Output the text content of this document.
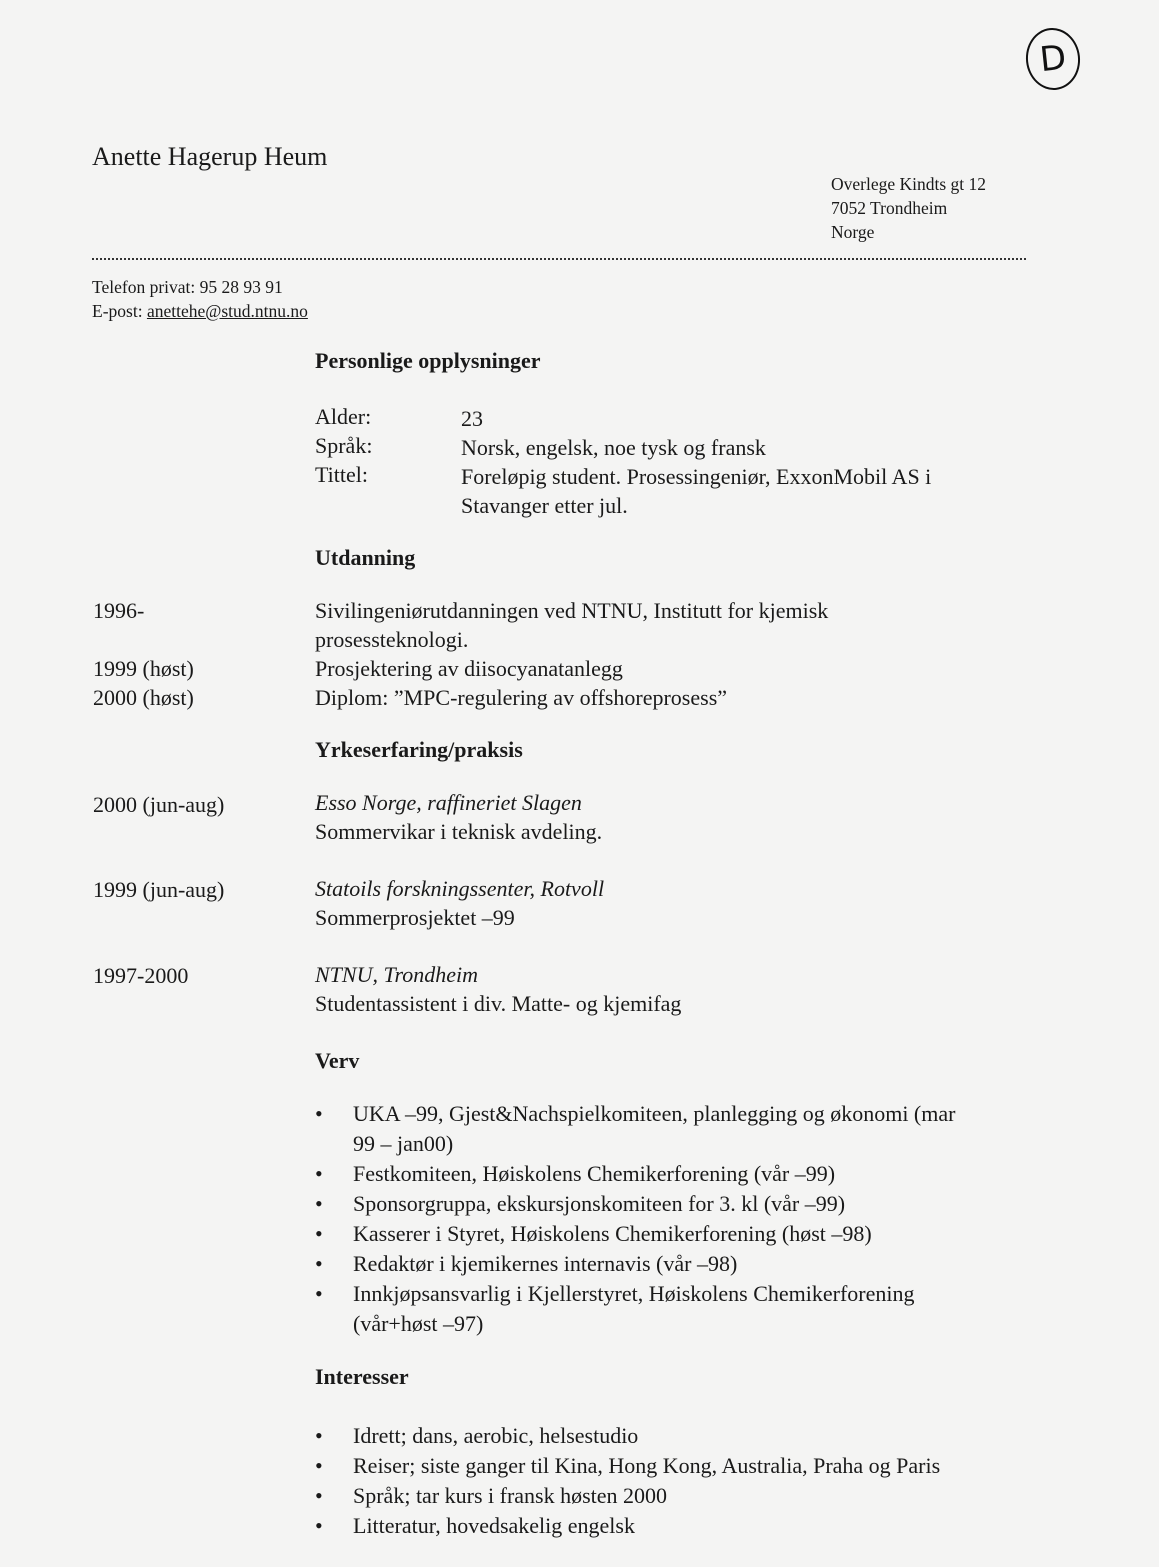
D
Anette Hagerup Heum
Overlege Kindts gt 12
7052 Trondheim
Norge
Telefon privat: 95 28 93 91
E-post: anettehe@stud.ntnu.no
Personlige opplysninger
Alder:	23
Språk:	Norsk, engelsk, noe tysk og fransk
Tittel:	Foreløpig student. Prosessingeniør, ExxonMobil AS i
Stavanger etter jul.
Utdanning
1996-	Sivilingeniørutdanningen ved NTNU, Institutt for kjemisk
prosessteknologi.
1999 (høst)	Prosjektering av diisocyanatanlegg
2000 (høst)	Diplom: ”MPC-regulering av offshoreprosess”
Yrkeserfaring/praksis
2000 (jun-aug)	Esso Norge, raffineriet Slagen
Sommervikar i teknisk avdeling.
1999 (jun-aug)	Statoils forskningssenter, Rotvoll
Sommerprosjektet –99
1997-2000	NTNU, Trondheim
Studentassistent i div. Matte- og kjemifag
Verv
• UKA –99, Gjest&Nachspielkomiteen, planlegging og økonomi (mar
99 – jan00)
• Festkomiteen, Høiskolens Chemikerforening (vår –99)
• Sponsorgruppa, ekskursjonskomiteen for 3. kl (vår –99)
• Kasserer i Styret, Høiskolens Chemikerforening (høst –98)
• Redaktør i kjemikernes internavis (vår –98)
• Innkjøpsansvarlig i Kjellerstyret, Høiskolens Chemikerforening
(vår+høst –97)
Interesser
• Idrett; dans, aerobic, helsestudio
• Reiser; siste ganger til Kina, Hong Kong, Australia, Praha og Paris
• Språk; tar kurs i fransk høsten 2000
• Litteratur, hovedsakelig engelsk
